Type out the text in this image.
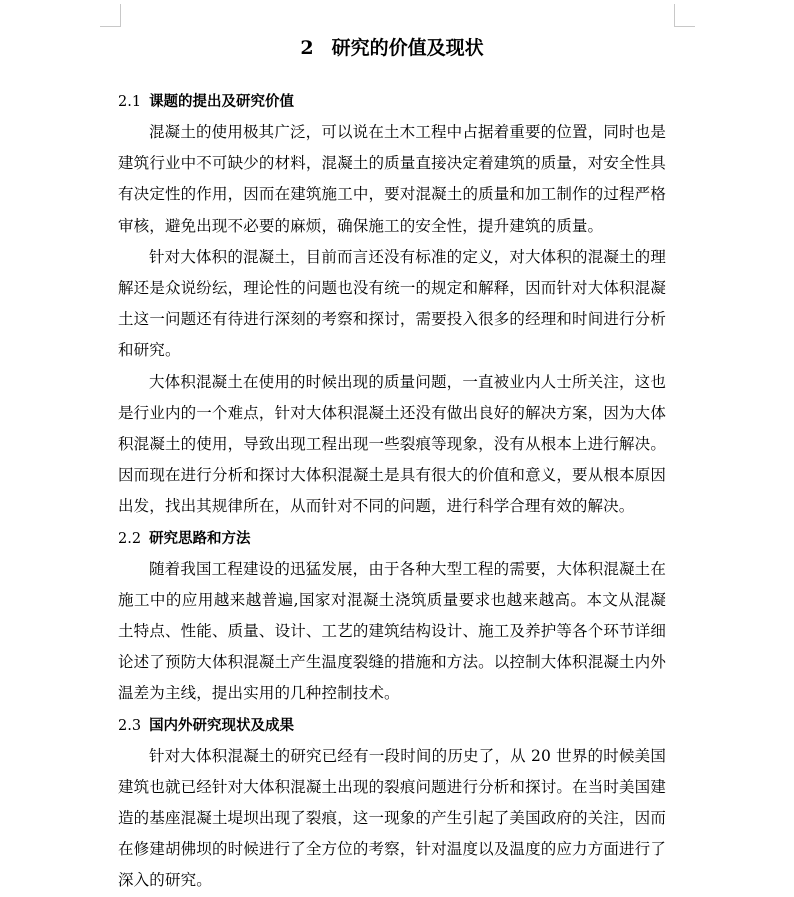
2 研究的价值及现状
2.1 课题的提出及研究价值

混凝土的使用极其广泛，可以说在土木工程中占据着重要的位置，同时也是建筑行业中不可缺少的材料，混凝土的质量直接决定着建筑的质量，对安全性具有决定性的作用，因而在建筑施工中，要对混凝土的质量和加工制作的过程严格审核，避免出现不必要的麻烦，确保施工的安全性，提升建筑的质量。

针对大体积的混凝土，目前而言还没有标准的定义，对大体积的混凝土的理解还是众说纷纭，理论性的问题也没有统一的规定和解释，因而针对大体积混凝土这一问题还有待进行深刻的考察和探讨，需要投入很多的经理和时间进行分析和研究。

大体积混凝土在使用的时候出现的质量问题，一直被业内人士所关注，这也是行业内的一个难点，针对大体积混凝土还没有做出良好的解决方案，因为大体积混凝土的使用，导致出现工程出现一些裂痕等现象，没有从根本上进行解决。因而现在进行分析和探讨大体积混凝土是具有很大的价值和意义，要从根本原因出发，找出其规律所在，从而针对不同的问题，进行科学合理有效的解决。

2.2 研究思路和方法

随着我国工程建设的迅猛发展，由于各种大型工程的需要，大体积混凝土在施工中的应用越来越普遍,国家对混凝土浇筑质量要求也越来越高。本文从混凝土特点、性能、质量、设计、工艺的建筑结构设计、施工及养护等各个环节详细论述了预防大体积混凝土产生温度裂缝的措施和方法。以控制大体积混凝土内外温差为主线，提出实用的几种控制技术。

2.3 国内外研究现状及成果

针对大体积混凝土的研究已经有一段时间的历史了，从 20 世界的时候美国建筑也就已经针对大体积混凝土出现的裂痕问题进行分析和探讨。在当时美国建造的基座混凝土堤坝出现了裂痕，这一现象的产生引起了美国政府的关注，因而在修建胡佛坝的时候进行了全方位的考察，针对温度以及温度的应力方面进行了深入的研究。
